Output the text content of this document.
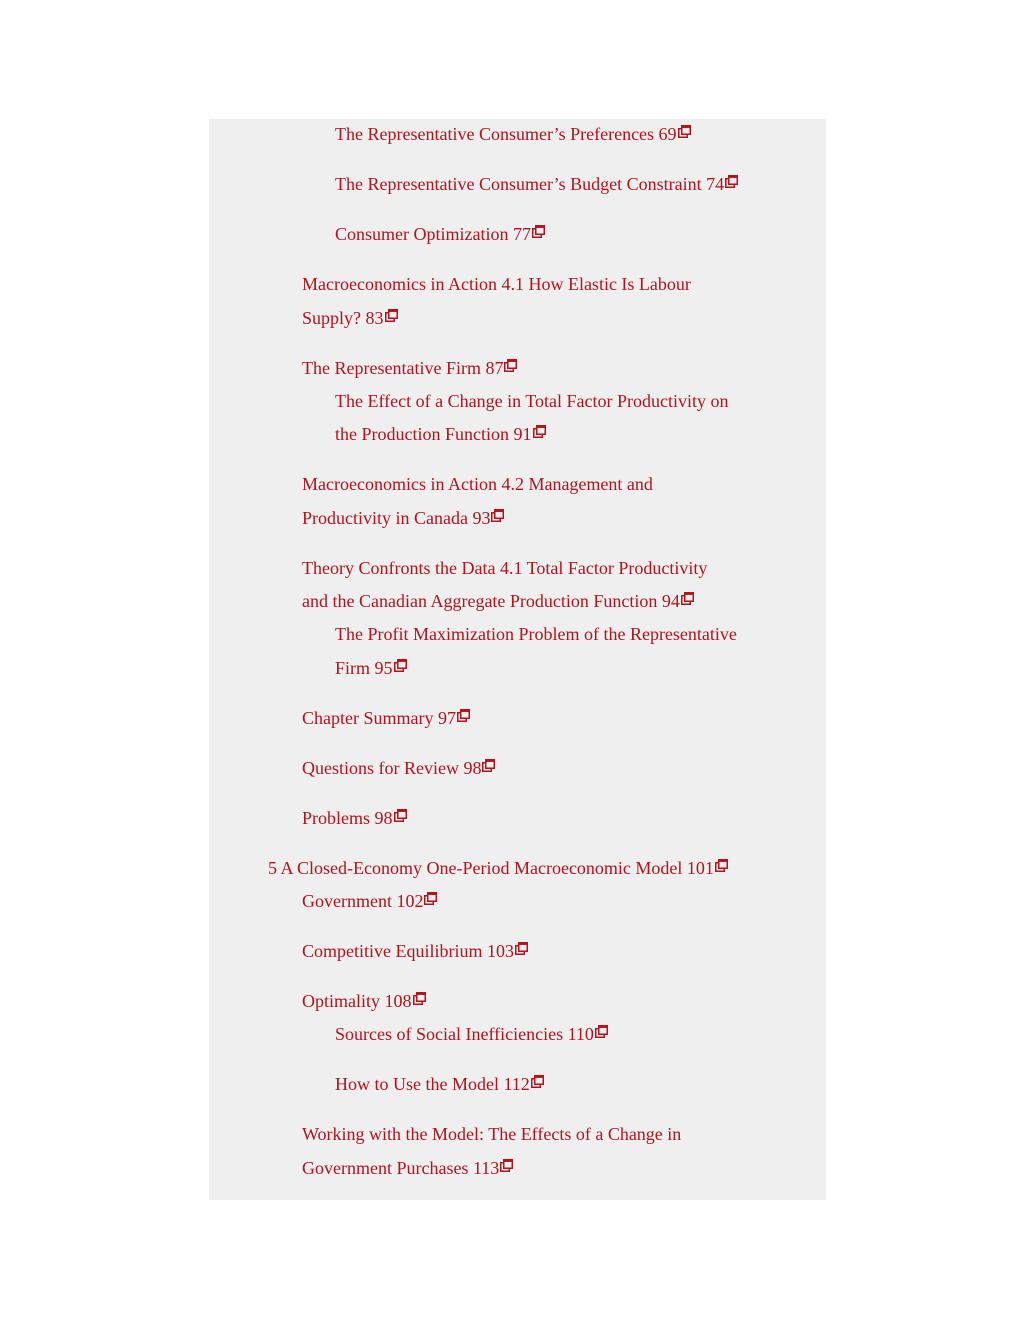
The Representative Consumer’s Preferences 69
The Representative Consumer’s Budget Constraint 74
Consumer Optimization 77
Macroeconomics in Action 4.1 How Elastic Is Labour
Supply? 83
The Representative Firm 87
The Effect of a Change in Total Factor Productivity on
the Production Function 91
Macroeconomics in Action 4.2 Management and
Productivity in Canada 93
Theory Confronts the Data 4.1 Total Factor Productivity
and the Canadian Aggregate Production Function 94
The Profit Maximization Problem of the Representative
Firm 95
Chapter Summary 97
Questions for Review 98
Problems 98
5 A Closed-Economy One-Period Macroeconomic Model 101
Government 102
Competitive Equilibrium 103
Optimality 108
Sources of Social Inefficiencies 110
How to Use the Model 112
Working with the Model: The Effects of a Change in
Government Purchases 113
